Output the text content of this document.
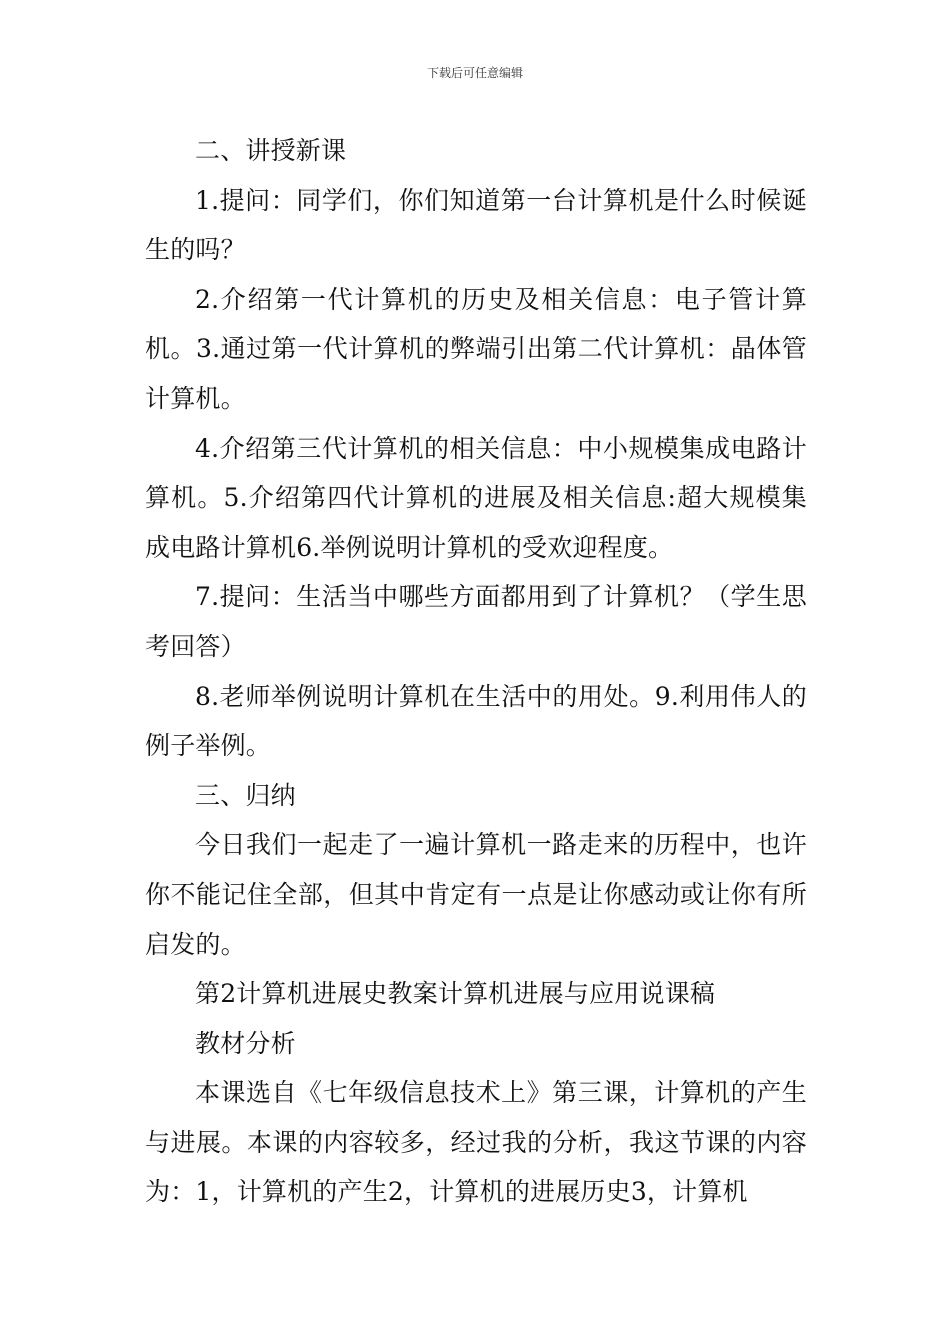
下载后可任意编辑

二、讲授新课

1.提问：同学们，你们知道第一台计算机是什么时候诞生的吗？

2.介绍第一代计算机的历史及相关信息：电子管计算机。3.通过第一代计算机的弊端引出第二代计算机：晶体管计算机。

4.介绍第三代计算机的相关信息：中小规模集成电路计算机。5.介绍第四代计算机的进展及相关信息:超大规模集成电路计算机6.举例说明计算机的受欢迎程度。

7.提问：生活当中哪些方面都用到了计算机？（学生思考回答）

8.老师举例说明计算机在生活中的用处。9.利用伟人的例子举例。

三、归纳

今日我们一起走了一遍计算机一路走来的历程中，也许你不能记住全部，但其中肯定有一点是让你感动或让你有所启发的。

第2计算机进展史教案计算机进展与应用说课稿

教材分析

本课选自《七年级信息技术上》第三课，计算机的产生与进展。本课的内容较多，经过我的分析，我这节课的内容为：1，计算机的产生2，计算机的进展历史3，计算机
